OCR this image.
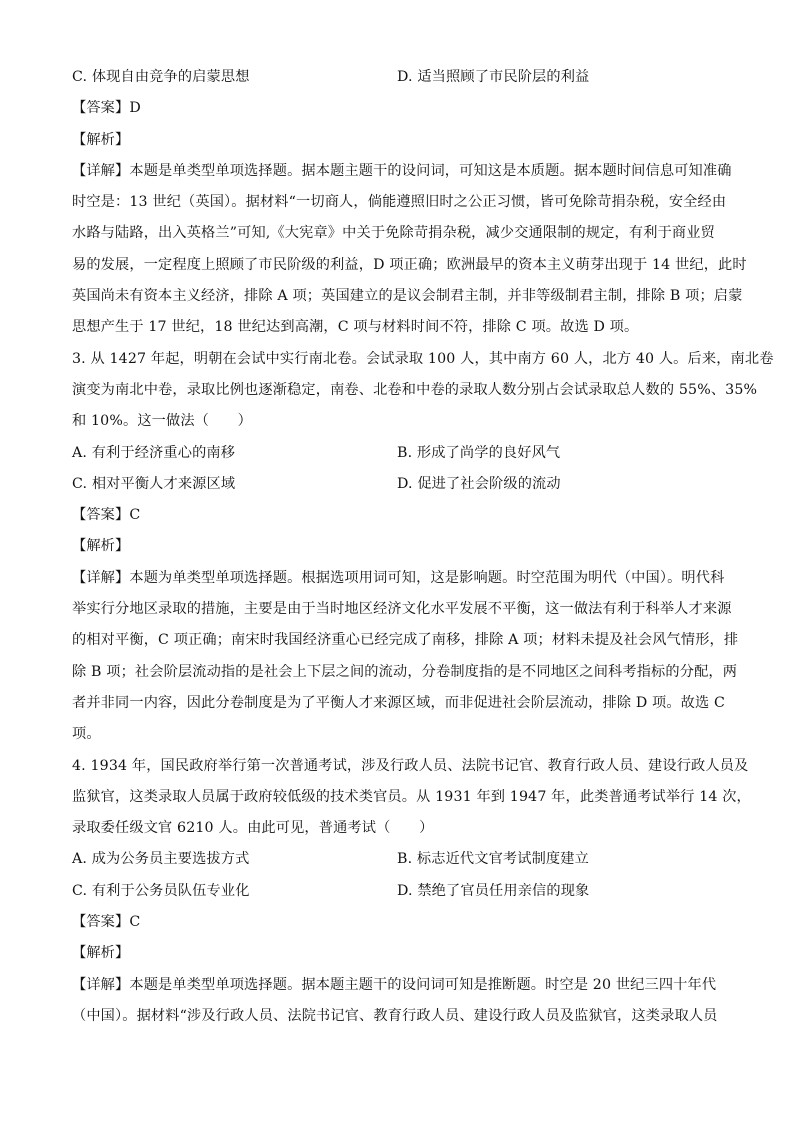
C. 体现自由竞争的启蒙思想	D. 适当照顾了市民阶层的利益
【答案】D
【解析】
【详解】本题是单类型单项选择题。据本题主题干的设问词，可知这是本质题。据本题时间信息可知准确
时空是：13 世纪（英国）。据材料“一切商人，倘能遵照旧时之公正习惯，皆可免除苛捐杂税，安全经由
水路与陆路，出入英格兰”可知,《大宪章》中关于免除苛捐杂税，减少交通限制的规定，有利于商业贸
易的发展，一定程度上照顾了市民阶级的利益，D 项正确；欧洲最早的资本主义萌芽出现于 14 世纪，此时
英国尚未有资本主义经济，排除 A 项；英国建立的是议会制君主制，并非等级制君主制，排除 B 项；启蒙
思想产生于 17 世纪，18 世纪达到高潮，C 项与材料时间不符，排除 C 项。故选 D 项。
3. 从 1427 年起，明朝在会试中实行南北卷。会试录取 100 人，其中南方 60 人，北方 40 人。后来，南北卷
演变为南北中卷，录取比例也逐渐稳定，南卷、北卷和中卷的录取人数分别占会试录取总人数的 55%、35%
和 10%。这一做法（　　）
A. 有利于经济重心的南移	B. 形成了尚学的良好风气
C. 相对平衡人才来源区域	D. 促进了社会阶级的流动
【答案】C
【解析】
【详解】本题为单类型单项选择题。根据选项用词可知，这是影响题。时空范围为明代（中国）。明代科
举实行分地区录取的措施，主要是由于当时地区经济文化水平发展不平衡，这一做法有利于科举人才来源
的相对平衡，C 项正确；南宋时我国经济重心已经完成了南移，排除 A 项；材料未提及社会风气情形，排
除 B 项；社会阶层流动指的是社会上下层之间的流动，分卷制度指的是不同地区之间科考指标的分配，两
者并非同一内容，因此分卷制度是为了平衡人才来源区域，而非促进社会阶层流动，排除 D 项。故选 C
项。
4. 1934 年，国民政府举行第一次普通考试，涉及行政人员、法院书记官、教育行政人员、建设行政人员及
监狱官，这类录取人员属于政府较低级的技术类官员。从 1931 年到 1947 年，此类普通考试举行 14 次，
录取委任级文官 6210 人。由此可见，普通考试（　　）
A. 成为公务员主要选拔方式	B. 标志近代文官考试制度建立
C. 有利于公务员队伍专业化	D. 禁绝了官员任用亲信的现象
【答案】C
【解析】
【详解】本题是单类型单项选择题。据本题主题干的设问词可知是推断题。时空是 20 世纪三四十年代
（中国）。据材料“涉及行政人员、法院书记官、教育行政人员、建设行政人员及监狱官，这类录取人员
